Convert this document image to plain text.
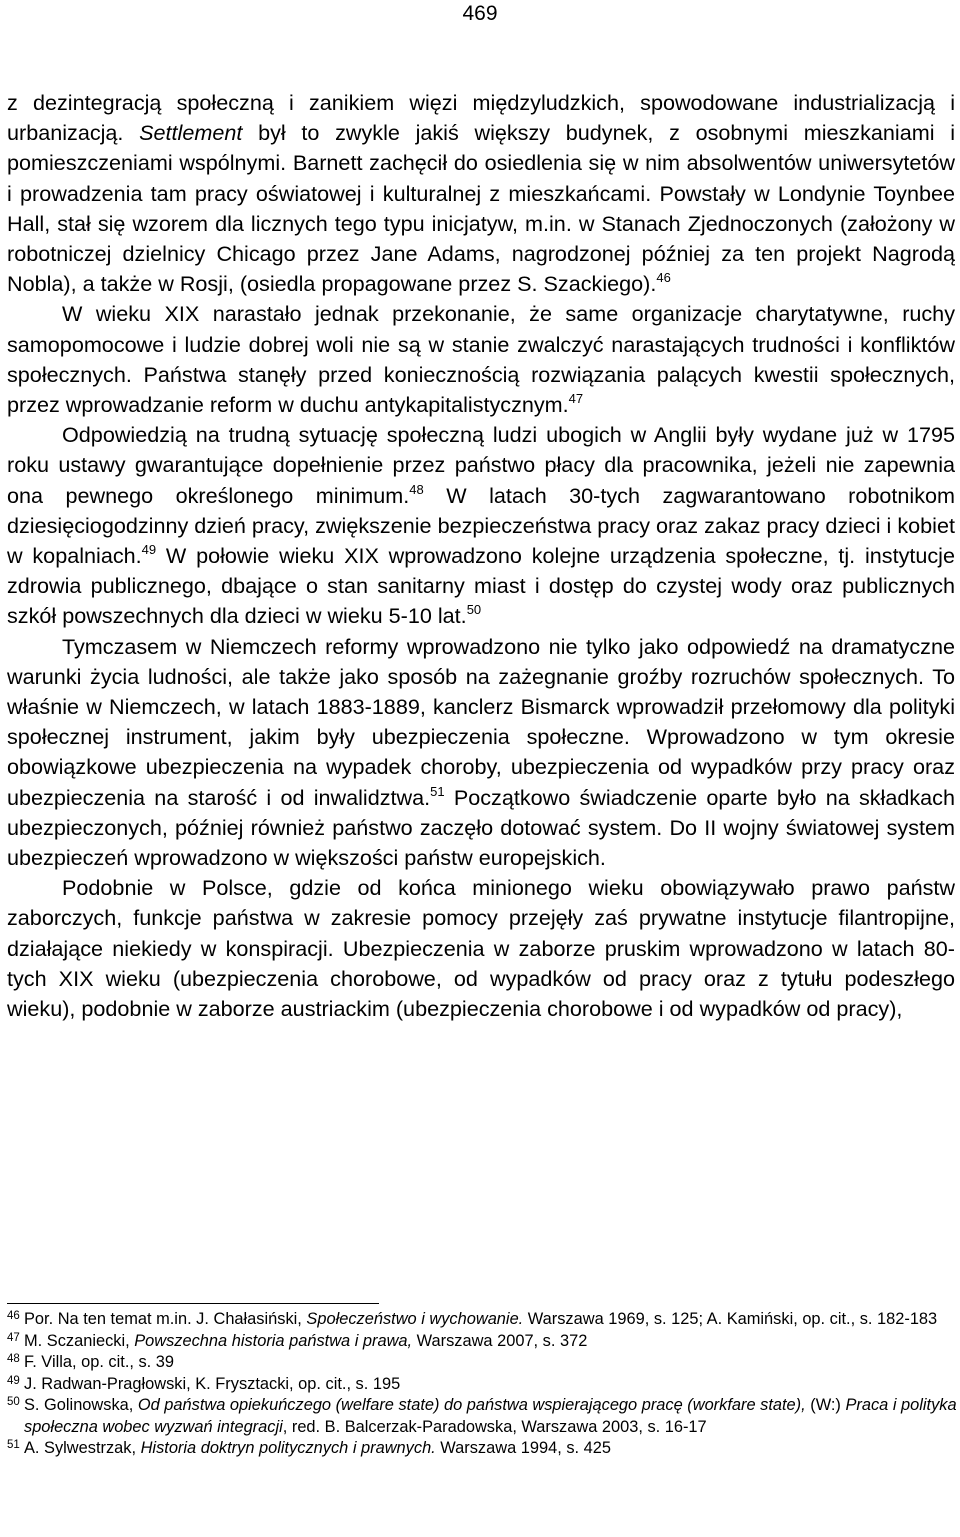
469

z dezintegracją społeczną i zanikiem więzi międzyludzkich, spowodowane industrializacją i urbanizacją. Settlement był to zwykle jakiś większy budynek, z osobnymi mieszkaniami i pomieszczeniami wspólnymi. Barnett zachęcił do osiedlenia się w nim absolwentów uniwersytetów i prowadzenia tam pracy oświatowej i kulturalnej z mieszkańcami. Powstały w Londynie Toynbee Hall, stał się wzorem dla licznych tego typu inicjatyw, m.in. w Stanach Zjednoczonych (założony w robotniczej dzielnicy Chicago przez Jane Adams, nagrodzonej później za ten projekt Nagrodą Nobla), a także w Rosji, (osiedla propagowane przez S. Szackiego).$^{46}$

W wieku XIX narastało jednak przekonanie, że same organizacje charytatywne, ruchy samopomocowe i ludzie dobrej woli nie są w stanie zwalczyć narastających trudności i konfliktów społecznych. Państwa stanęły przed koniecznością rozwiązania palących kwestii społecznych, przez wprowadzanie reform w duchu antykapitalistycznym.$^{47}$

Odpowiedzią na trudną sytuację społeczną ludzi ubogich w Anglii były wydane już w 1795 roku ustawy gwarantujące dopełnienie przez państwo płacy dla pracownika, jeżeli nie zapewnia ona pewnego określonego minimum.$^{48}$ W latach 30-tych zagwarantowano robotnikom dziesięciogodzinny dzień pracy, zwiększenie bezpieczeństwa pracy oraz zakaz pracy dzieci i kobiet w kopalniach.$^{49}$ W połowie wieku XIX wprowadzono kolejne urządzenia społeczne, tj. instytucje zdrowia publicznego, dbające o stan sanitarny miast i dostęp do czystej wody oraz publicznych szkół powszechnych dla dzieci w wieku 5-10 lat.$^{50}$

Tymczasem w Niemczech reformy wprowadzono nie tylko jako odpowiedź na dramatyczne warunki życia ludności, ale także jako sposób na zażegnanie groźby rozruchów społecznych. To właśnie w Niemczech, w latach 1883-1889, kanclerz Bismarck wprowadził przełomowy dla polityki społecznej instrument, jakim były ubezpieczenia społeczne. Wprowadzono w tym okresie obowiązkowe ubezpieczenia na wypadek choroby, ubezpieczenia od wypadków przy pracy oraz ubezpieczenia na starość i od inwalidztwa.$^{51}$ Początkowo świadczenie oparte było na składkach ubezpieczonych, później również państwo zaczęło dotować system. Do II wojny światowej system ubezpieczeń wprowadzono w większości państw europejskich.

Podobnie w Polsce, gdzie od końca minionego wieku obowiązywało prawo państw zaborczych, funkcje państwa w zakresie pomocy przejęły zaś prywatne instytucje filantropijne, działające niekiedy w konspiracji. Ubezpieczenia w zaborze pruskim wprowadzono w latach 80-tych XIX wieku (ubezpieczenia chorobowe, od wypadków od pracy oraz z tytułu podeszłego wieku), podobnie w zaborze austriackim (ubezpieczenia chorobowe i od wypadków od pracy),

46 Por. Na ten temat m.in. J. Chałasiński, Społeczeństwo i wychowanie. Warszawa 1969, s. 125; A. Kamiński, op. cit., s. 182-183
47 M. Sczaniecki, Powszechna historia państwa i prawa, Warszawa 2007, s. 372
48 F. Villa, op. cit., s. 39
49 J. Radwan-Pragłowski, K. Frysztacki, op. cit., s. 195
50 S. Golinowska, Od państwa opiekuńczego (welfare state) do państwa wspierającego pracę (workfare state), (W:) Praca i polityka społeczna wobec wyzwań integracji, red. B. Balcerzak-Paradowska, Warszawa 2003, s. 16-17
51 A. Sylwestrzak, Historia doktryn politycznych i prawnych. Warszawa 1994, s. 425
